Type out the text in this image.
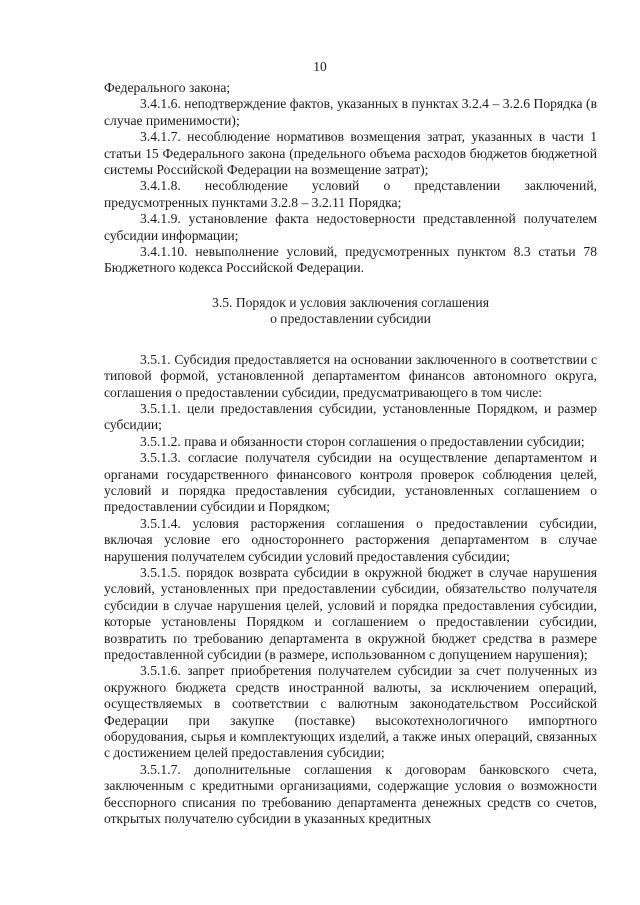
10

Федерального закона;

3.4.1.6. неподтверждение фактов, указанных в пунктах 3.2.4 – 3.2.6 Порядка (в случае применимости);

3.4.1.7. несоблюдение нормативов возмещения затрат, указанных в части 1 статьи 15 Федерального закона (предельного объема расходов бюджетов бюджетной системы Российской Федерации на возмещение затрат);

3.4.1.8. несоблюдение условий о представлении заключений, предусмотренных пунктами 3.2.8 – 3.2.11 Порядка;

3.4.1.9. установление факта недостоверности представленной получателем субсидии информации;

3.4.1.10. невыполнение условий, предусмотренных пунктом 8.3 статьи 78 Бюджетного кодекса Российской Федерации.

3.5. Порядок и условия заключения соглашения
о предоставлении субсидии

3.5.1. Субсидия предоставляется на основании заключенного в соответствии с типовой формой, установленной департаментом финансов автономного округа, соглашения о предоставлении субсидии, предусматривающего в том числе:

3.5.1.1. цели предоставления субсидии, установленные Порядком, и размер субсидии;

3.5.1.2. права и обязанности сторон соглашения о предоставлении субсидии;

3.5.1.3. согласие получателя субсидии на осуществление департаментом и органами государственного финансового контроля проверок соблюдения целей, условий и порядка предоставления субсидии, установленных соглашением о предоставлении субсидии и Порядком;

3.5.1.4. условия расторжения соглашения о предоставлении субсидии, включая условие его одностороннего расторжения департаментом в случае нарушения получателем субсидии условий предоставления субсидии;

3.5.1.5. порядок возврата субсидии в окружной бюджет в случае нарушения условий, установленных при предоставлении субсидии, обязательство получателя субсидии в случае нарушения целей, условий и порядка предоставления субсидии, которые установлены Порядком и соглашением о предоставлении субсидии, возвратить по требованию департамента в окружной бюджет средства в размере предоставленной субсидии (в размере, использованном с допущением нарушения);

3.5.1.6. запрет приобретения получателем субсидии за счет полученных из окружного бюджета средств иностранной валюты, за исключением операций, осуществляемых в соответствии с валютным законодательством Российской Федерации при закупке (поставке) высокотехнологичного импортного оборудования, сырья и комплектующих изделий, а также иных операций, связанных с достижением целей предоставления субсидии;

3.5.1.7. дополнительные соглашения к договорам банковского счета, заключенным с кредитными организациями, содержащие условия о возможности бесспорного списания по требованию департамента денежных средств со счетов, открытых получателю субсидии в указанных кредитных
